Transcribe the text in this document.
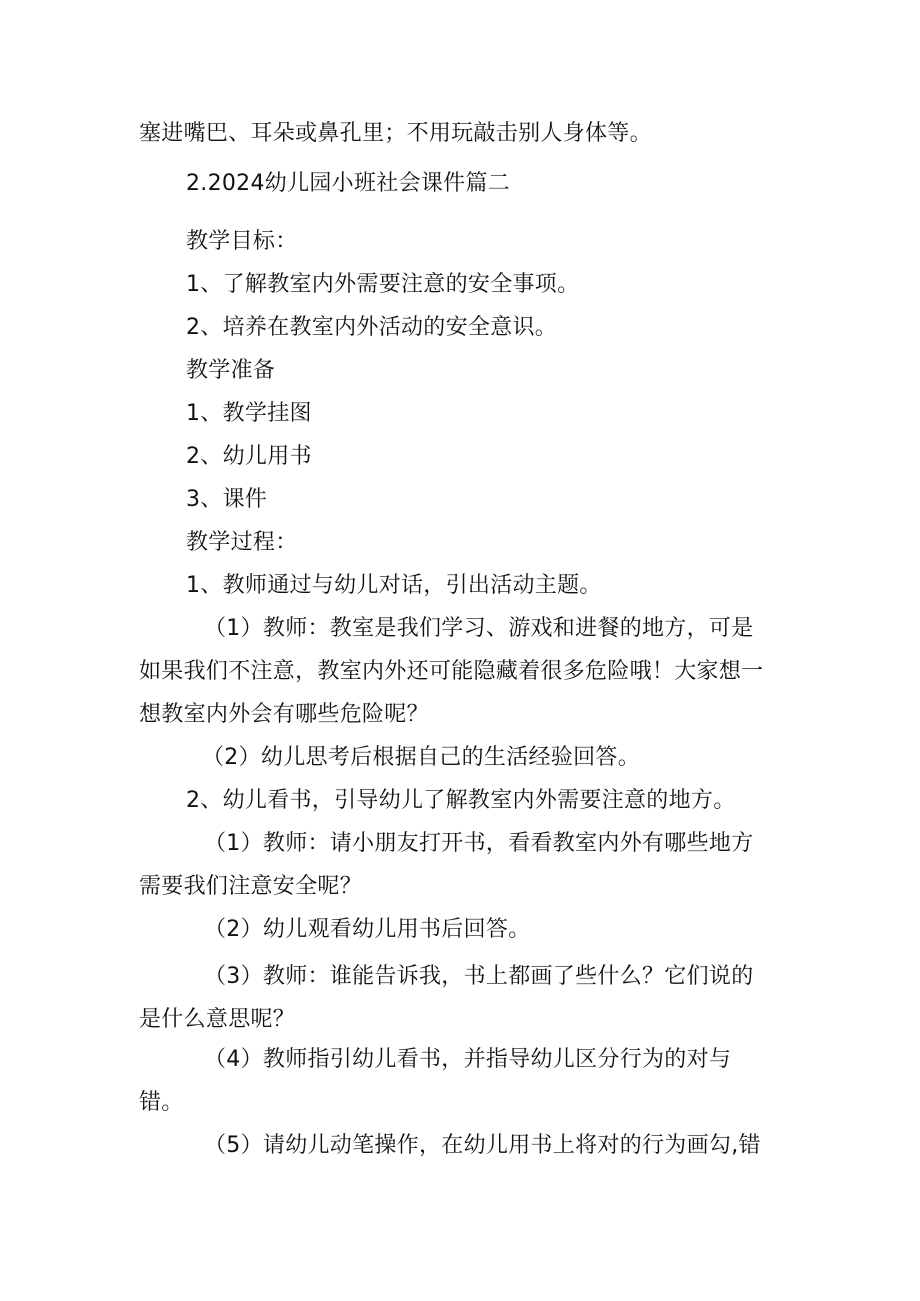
塞进嘴巴、耳朵或鼻孔里；不用玩敲击别人身体等。
2.2024幼儿园小班社会课件篇二
教学目标：
1、了解教室内外需要注意的安全事项。
2、培养在教室内外活动的安全意识。
教学准备
1、教学挂图
2、幼儿用书
3、课件
教学过程：
1、教师通过与幼儿对话，引出活动主题。
（1）教师：教室是我们学习、游戏和进餐的地方，可是
如果我们不注意，教室内外还可能隐藏着很多危险哦！大家想一
想教室内外会有哪些危险呢？
（2）幼儿思考后根据自己的生活经验回答。
2、幼儿看书，引导幼儿了解教室内外需要注意的地方。
（1）教师：请小朋友打开书，看看教室内外有哪些地方
需要我们注意安全呢？
（2）幼儿观看幼儿用书后回答。
（3）教师：谁能告诉我，书上都画了些什么？它们说的
是什么意思呢？
（4）教师指引幼儿看书，并指导幼儿区分行为的对与
错。
（5）请幼儿动笔操作，在幼儿用书上将对的行为画勾,错
